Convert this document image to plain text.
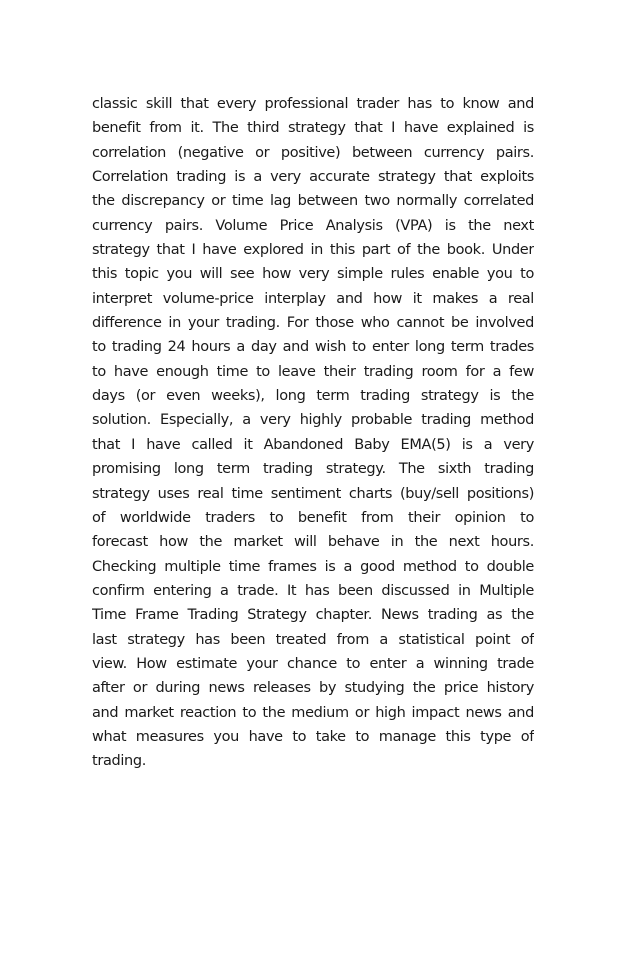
classic skill that every professional trader has to know and
benefit from it. The third strategy that I have explained is
correlation (negative or positive) between currency pairs.
Correlation trading is a very accurate strategy that exploits
the discrepancy or time lag between two normally correlated
currency pairs. Volume Price Analysis (VPA) is the next
strategy that I have explored in this part of the book. Under
this topic you will see how very simple rules enable you to
interpret volume-price interplay and how it makes a real
difference in your trading. For those who cannot be involved
to trading 24 hours a day and wish to enter long term trades
to have enough time to leave their trading room for a few
days (or even weeks), long term trading strategy is the
solution. Especially, a very highly probable trading method
that I have called it Abandoned Baby EMA(5) is a very
promising long term trading strategy. The sixth trading
strategy uses real time sentiment charts (buy/sell positions)
of worldwide traders to benefit from their opinion to
forecast how the market will behave in the next hours.
Checking multiple time frames is a good method to double
confirm entering a trade. It has been discussed in Multiple
Time Frame Trading Strategy chapter. News trading as the
last strategy has been treated from a statistical point of
view. How estimate your chance to enter a winning trade
after or during news releases by studying the price history
and market reaction to the medium or high impact news and
what measures you have to take to manage this type of
trading.
